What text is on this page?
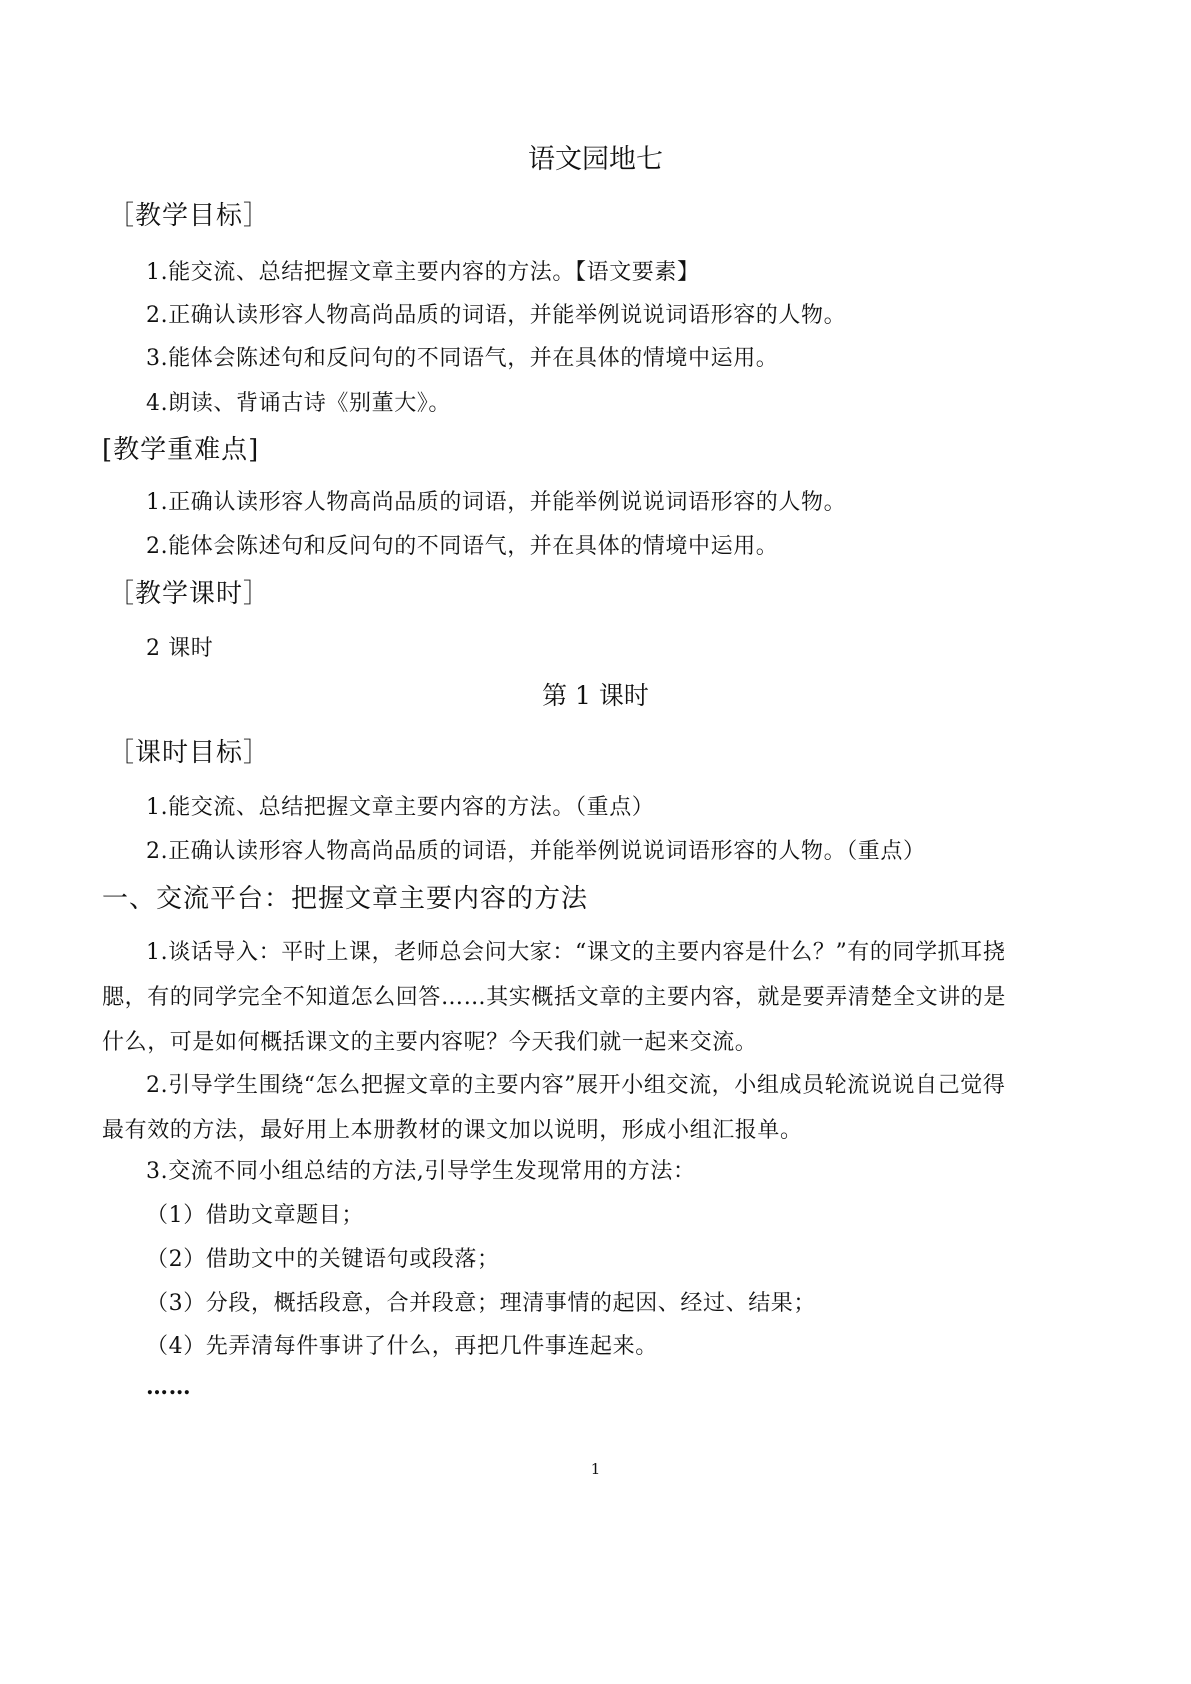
语文园地七
［教学目标］
1.能交流、总结把握文章主要内容的方法。【语文要素】
2.正确认读形容人物高尚品质的词语，并能举例说说词语形容的人物。
3.能体会陈述句和反问句的不同语气，并在具体的情境中运用。
4.朗读、背诵古诗《别董大》。
[教学重难点]
1.正确认读形容人物高尚品质的词语，并能举例说说词语形容的人物。
2.能体会陈述句和反问句的不同语气，并在具体的情境中运用。
［教学课时］
2 课时
第 1 课时
［课时目标］
1.能交流、总结把握文章主要内容的方法。（重点）
2.正确认读形容人物高尚品质的词语，并能举例说说词语形容的人物。（重点）
一、交流平台：把握文章主要内容的方法
1.谈话导入：平时上课，老师总会问大家：“课文的主要内容是什么？”有的同学抓耳挠腮，有的同学完全不知道怎么回答……其实概括文章的主要内容，就是要弄清楚全文讲的是什么，可是如何概括课文的主要内容呢？今天我们就一起来交流。
2.引导学生围绕“怎么把握文章的主要内容”展开小组交流，小组成员轮流说说自己觉得最有效的方法，最好用上本册教材的课文加以说明，形成小组汇报单。
3.交流不同小组总结的方法,引导学生发现常用的方法：
（1）借助文章题目；
（2）借助文中的关键语句或段落；
（3）分段，概括段意，合并段意；理清事情的起因、经过、结果；
（4）先弄清每件事讲了什么，再把几件事连起来。
……
1
